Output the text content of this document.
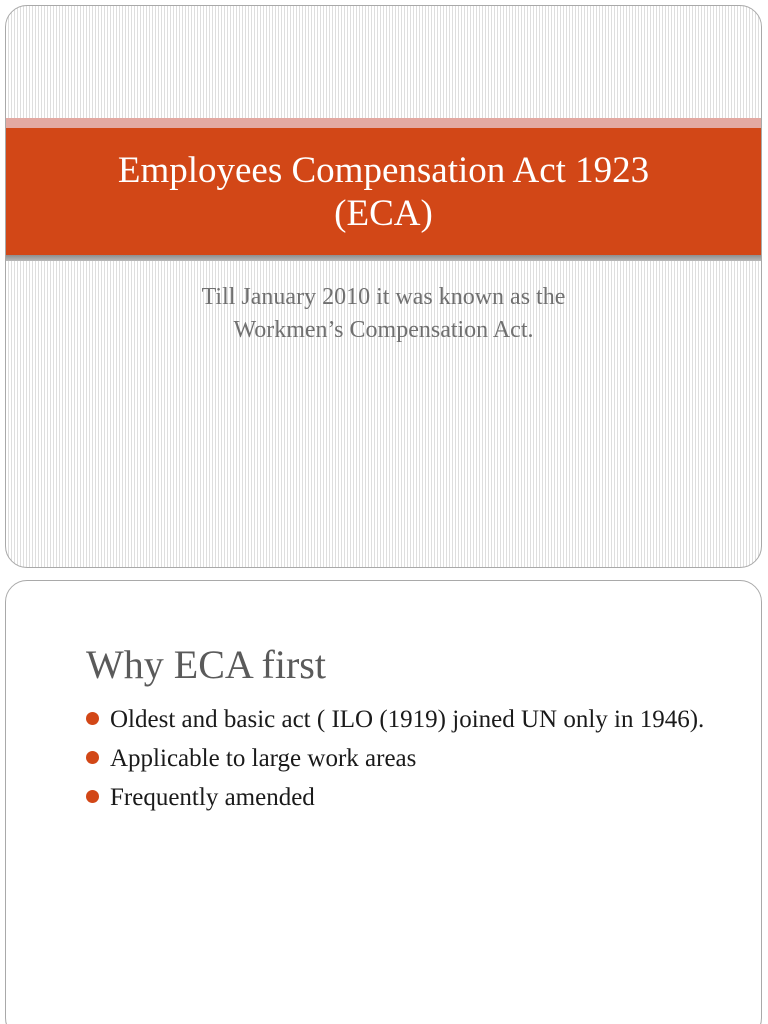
Employees Compensation Act 1923
(ECA)
Till January 2010 it was known as the
Workmen’s Compensation Act.
Why ECA first
Oldest and basic act ( ILO (1919) joined UN only in 1946).
Applicable to large work areas
Frequently amended
